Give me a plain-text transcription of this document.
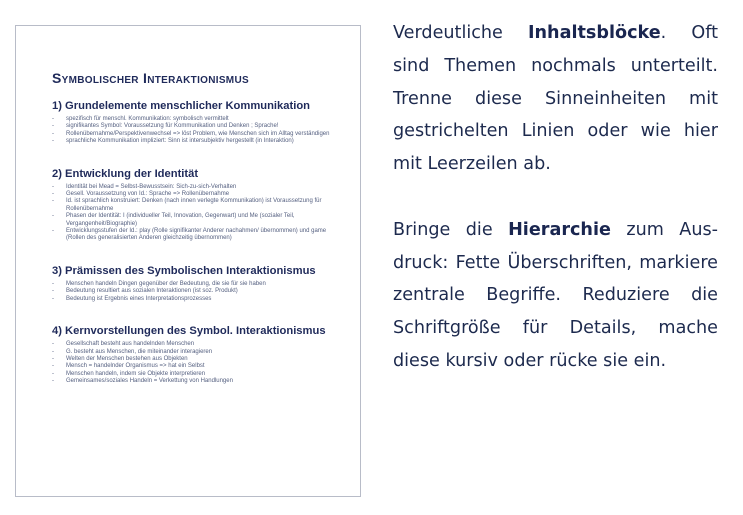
Symbolischer Interaktionismus
1) Grundelemente menschlicher Kommunikation
- spezifisch für menschl. Kommunikation: symbolisch vermittelt
- signifikantes Symbol: Voraussetzung für Kommunikation und Denken ; Sprache!
- Rollenübernahme/Perspektivenwechsel => löst Problem, wie Menschen sich im Alltag verständigen
- sprachliche Kommunikation impliziert: Sinn ist intersubjektiv hergestellt (in Interaktion)
2) Entwicklung der Identität
- Identität bei Mead = Selbst-Bewusstsein: Sich-zu-sich-Verhalten
- Gesell. Voraussetzung von Id.: Sprache => Rollenübernahme
- Id. ist sprachlich konstruiert: Denken (nach innen verlegte Kommunikation) ist Voraussetzung für Rollenübernahme
- Phasen der Identität: I (individueller Teil, Innovation, Gegenwart) und Me (sozialer Teil, Vergangenheit/Biographie)
- Entwicklungsstufen der Id.: play (Rolle signifikanter Anderer nachahmen/ übernommen) und game (Rollen des generalisierten Anderen gleichzeitig übernommen)
3) Prämissen des Symbolischen Interaktionismus
- Menschen handeln Dingen gegenüber der Bedeutung, die sie für sie haben
- Bedeutung resultiert aus sozialen Interaktionen (ist soz. Produkt)
- Bedeutung ist Ergebnis eines Interpretationsprozesses
4) Kernvorstellungen des Symbol. Interaktionismus
- Gesellschaft besteht aus handelnden Menschen
- G. besteht aus Menschen, die miteinander interagieren
- Welten der Menschen bestehen aus Objekten
- Mensch = handelnder Organismus => hat ein Selbst
- Menschen handeln, indem sie Objekte interpretieren
- Gemeinsames/soziales Handeln = Verkettung von Handlungen

Verdeutliche Inhaltsblöcke. Oft sind Themen nochmals unterteilt. Trenne diese Sinneinheiten mit gestrichelten Linien oder wie hier mit Leerzeilen ab.

Bringe die Hierarchie zum Ausdruck: Fette Überschriften, markiere zentrale Begriffe. Reduziere die Schriftgröße für Details, mache diese kursiv oder rücke sie ein.
